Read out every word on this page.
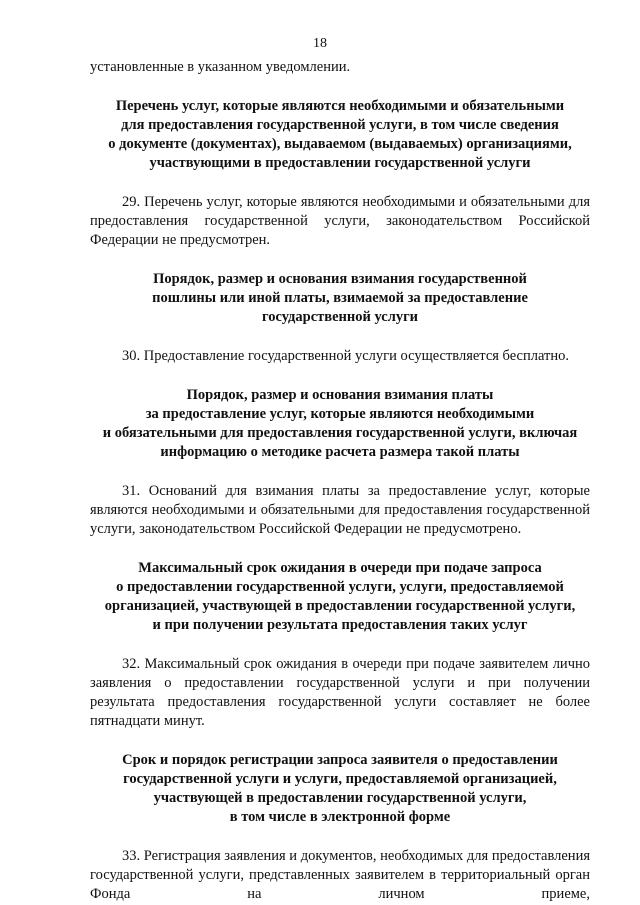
18

установленные в указанном уведомлении.

Перечень услуг, которые являются необходимыми и обязательными
для предоставления государственной услуги, в том числе сведения
о документе (документах), выдаваемом (выдаваемых) организациями,
участвующими в предоставлении государственной услуги

29. Перечень услуг, которые являются необходимыми и обязательными для предоставления государственной услуги, законодательством Российской Федерации не предусмотрен.

Порядок, размер и основания взимания государственной
пошлины или иной платы, взимаемой за предоставление
государственной услуги

30. Предоставление государственной услуги осуществляется бесплатно.

Порядок, размер и основания взимания платы
за предоставление услуг, которые являются необходимыми
и обязательными для предоставления государственной услуги, включая
информацию о методике расчета размера такой платы

31. Оснований для взимания платы за предоставление услуг, которые являются необходимыми и обязательными для предоставления государственной услуги, законодательством Российской Федерации не предусмотрено.

Максимальный срок ожидания в очереди при подаче запроса
о предоставлении государственной услуги, услуги, предоставляемой
организацией, участвующей в предоставлении государственной услуги,
и при получении результата предоставления таких услуг

32. Максимальный срок ожидания в очереди при подаче заявителем лично заявления о предоставлении государственной услуги и при получении результата предоставления государственной услуги составляет не более пятнадцати минут.

Срок и порядок регистрации запроса заявителя о предоставлении
государственной услуги и услуги, предоставляемой организацией,
участвующей в предоставлении государственной услуги,
в том числе в электронной форме

33. Регистрация заявления и документов, необходимых для предоставления государственной услуги, представленных заявителем в территориальный орган Фонда на личном приеме,
